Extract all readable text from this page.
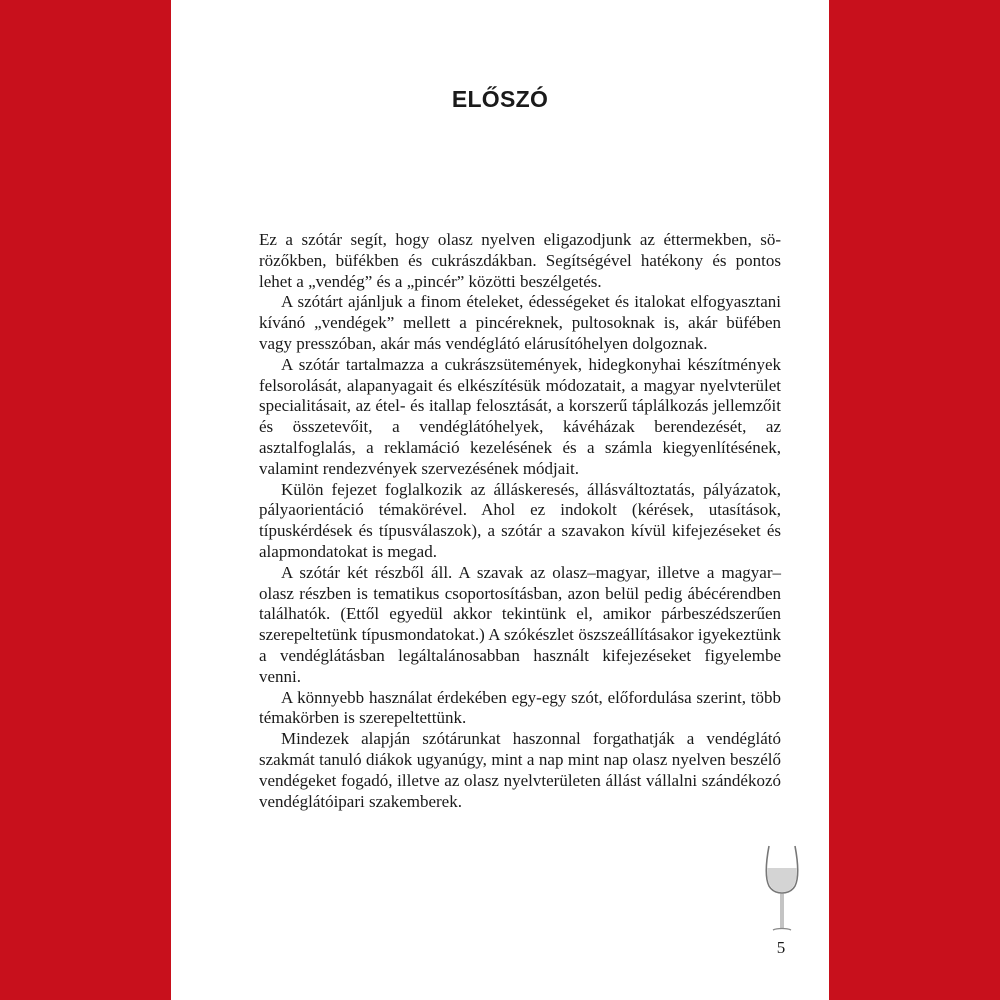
ELŐSZÓ

Ez a szótár segít, hogy olasz nyelven eligazodjunk az éttermekben, sörözőkben, büfékben és cukrászdákban. Segítségével hatékony és pontos lehet a „vendég” és a „pincér” közötti beszélgetés.

A szótárt ajánljuk a finom ételeket, édességeket és italokat elfogyasztani kívánó „vendégek” mellett a pincéreknek, pultosoknak is, akár büfében vagy presszóban, akár más vendéglátó elárusítóhelyen dolgoznak.

A szótár tartalmazza a cukrászsütemények, hidegkonyhai készítmények felsorolását, alapanyagait és elkészítésük módozatait, a magyar nyelvterület specialitásait, az étel- és itallap felosztását, a korszerű táplálkozás jellemzőit és összetevőit, a vendéglátóhelyek, kávéházak berendezését, az asztalfoglalás, a reklamáció kezelésének és a számla kiegyenlítésének, valamint rendezvények szervezésének módjait.

Külön fejezet foglalkozik az álláskeresés, állásváltoztatás, pályázatok, pályaorientáció témakörével. Ahol ez indokolt (kérések, utasítások, típuskérdések és típusválaszok), a szótár a szavakon kívül kifejezéseket és alapmondatokat is megad.

A szótár két részből áll. A szavak az olasz–magyar, illetve a magyar–olasz részben is tematikus csoportosításban, azon belül pedig ábécérendben találhatók. (Ettől egyedül akkor tekintünk el, amikor párbeszédszerűen szerepeltetünk típusmondatokat.) A szókészlet öszszeállításakor igyekeztünk a vendéglátásban legáltalánosabban használt kifejezéseket figyelembe venni.

A könnyebb használat érdekében egy-egy szót, előfordulása szerint, több témakörben is szerepeltettünk.

Mindezek alapján szótárunkat haszonnal forgathatják a vendéglátó szakmát tanuló diákok ugyanúgy, mint a nap mint nap olasz nyelven beszélő vendégeket fogadó, illetve az olasz nyelvterületen állást vállalni szándékozó vendéglátóipari szakemberek.

5
